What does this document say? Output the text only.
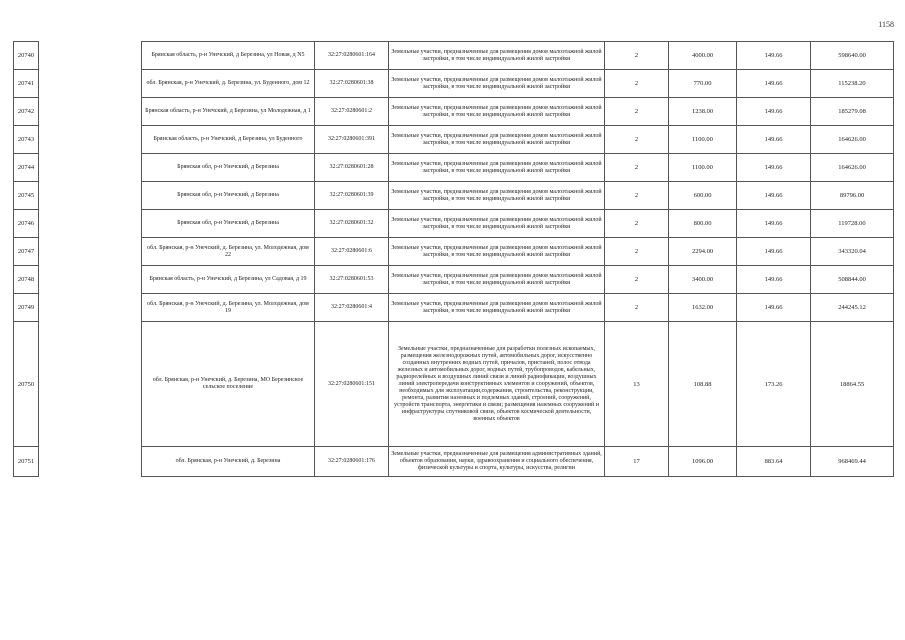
1158
20740		Брянская область, р-н Унечский, д Березина, ул Новая, д N5	32:27:0280601:164	Земельные участки, предназначенные для размещения домов малоэтажной жилой застройки, в том числе индивидуальной жилой застройки	2	4000.00	149.66	598640.00
20741		обл. Брянская, р-н Унечский, д. Березина, ул. Буденного, дом 12	32:27:0280601:38	Земельные участки, предназначенные для размещения домов малоэтажной жилой застройки, в том числе индивидуальной жилой застройки	2	770.00	149.66	115238.20
20742		Брянская область, р-н Унечский, д Березина, ул Молодежная, д 1	32:27:0280601:2	Земельные участки, предназначенные для размещения домов малоэтажной жилой застройки, в том числе индивидуальной жилой застройки	2	1238.00	149.66	185279.08
20743		Брянская область, р-н Унечский, д Березина, ул Буденного	32:27:0280601:391	Земельные участки, предназначенные для размещения домов малоэтажной жилой застройки, в том числе индивидуальной жилой застройки	2	1100.00	149.66	164626.00
20744		Брянская обл, р-н Унечский, д Березина	32:27:0280601:28	Земельные участки, предназначенные для размещения домов малоэтажной жилой застройки, в том числе индивидуальной жилой застройки	2	1100.00	149.66	164626.00
20745		Брянская обл, р-н Унечский, д Березина	32:27:0280601:39	Земельные участки, предназначенные для размещения домов малоэтажной жилой застройки, в том числе индивидуальной жилой застройки	2	600.00	149.66	89796.00
20746		Брянская обл, р-н Унечский, д Березина	32:27:0280601:32	Земельные участки, предназначенные для размещения домов малоэтажной жилой застройки, в том числе индивидуальной жилой застройки	2	800.00	149.66	119728.00
20747		обл. Брянская, р-н Унечский, д. Березина, ул. Молодежная, дом 22	32:27:0280601:6	Земельные участки, предназначенные для размещения домов малоэтажной жилой застройки, в том числе индивидуальной жилой застройки	2	2294.00	149.66	343320.04
20748		Брянская область, р-н Унечский, д Березина, ул Садовая, д 19	32:27:0280601:53	Земельные участки, предназначенные для размещения домов малоэтажной жилой застройки, в том числе индивидуальной жилой застройки	2	3400.00	149.66	508844.00
20749		обл. Брянская, р-н Унечский, д. Березина, ул. Молодежная, дом 19	32:27:0280601:4	Земельные участки, предназначенные для размещения домов малоэтажной жилой застройки, в том числе индивидуальной жилой застройки	2	1632.00	149.66	244245.12
20750		обл. Брянская, р-н Унечский, д. Березина, МО Березинское сельское поселение	32:27:0280601:151	Земельные участки, предназначенные для разработки полезных ископаемых, размещения железнодорожных путей, автомобильных дорог, искусственно созданных внутренних водных путей, причалов, пристаней, полос отвода железных и автомобильных дорог, водных путей, трубопроводов, кабельных, радиорелейных и воздушных линий связи и линий радиофикации, воздушных линий электропередачи конструктивных элементов и сооружений, объектов, необходимых для эксплуатации,содержания, строительства, реконструкции, ремонта, развития наземных и подземных зданий, строений, сооружений, устройств транспорта, энергетики и связи; размещения наземных сооружений и инфраструктуры спутниковой связи, объектов космической деятельности, военных объектов	13	108.88	173.26	18864.55
20751		обл. Брянская, р-н Унечский, д. Березина	32:27:0280601:176	Земельные участки, предназначенные для размещения административных зданий, объектов образования, науки, здравоохранения и социального обеспечения, физической культуры и спорта, культуры, искусства, религии	17	1096.00	883.64	968469.44
